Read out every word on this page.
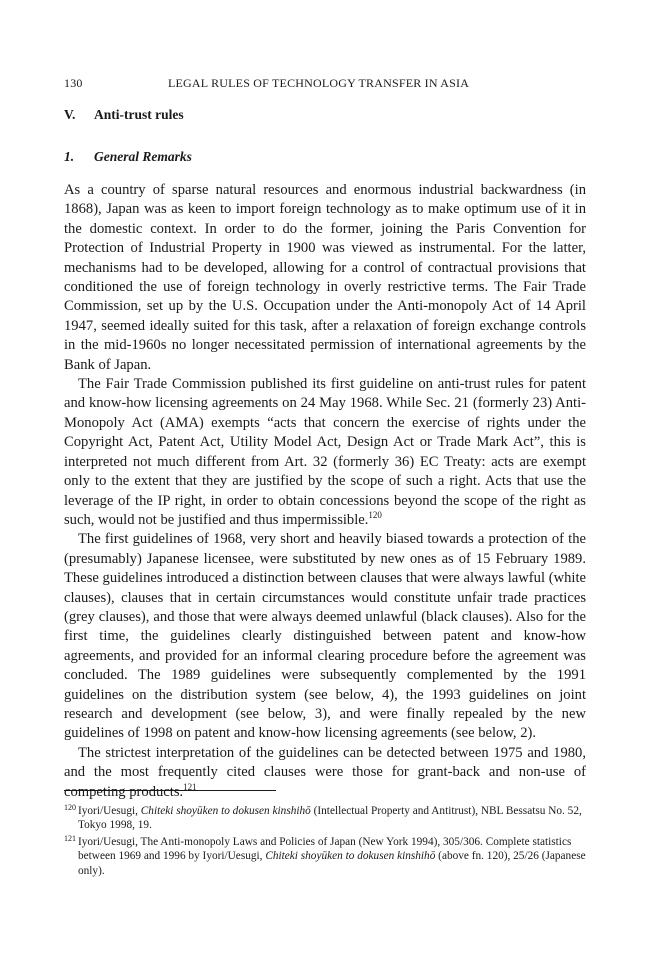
130	LEGAL RULES OF TECHNOLOGY TRANSFER IN ASIA
V. Anti-trust rules
1. General Remarks

As a country of sparse natural resources and enormous industrial backwardness (in 1868), Japan was as keen to import foreign technology as to make optimum use of it in the domestic context. In order to do the former, joining the Paris Convention for Protection of Industrial Property in 1900 was viewed as instrumental. For the latter, mechanisms had to be developed, allowing for a control of contractual provisions that conditioned the use of foreign technology in overly restrictive terms. The Fair Trade Commission, set up by the U.S. Occupation under the Anti-monopoly Act of 14 April 1947, seemed ideally suited for this task, after a relaxation of foreign exchange controls in the mid-1960s no longer necessitated permission of international agreements by the Bank of Japan.

The Fair Trade Commission published its first guideline on anti-trust rules for patent and know-how licensing agreements on 24 May 1968. While Sec. 21 (formerly 23) Anti-Monopoly Act (AMA) exempts “acts that concern the exercise of rights under the Copyright Act, Patent Act, Utility Model Act, Design Act or Trade Mark Act”, this is interpreted not much different from Art. 32 (formerly 36) EC Treaty: acts are exempt only to the extent that they are justified by the scope of such a right. Acts that use the leverage of the IP right, in order to obtain concessions beyond the scope of the right as such, would not be justified and thus impermissible.$^{120}$

The first guidelines of 1968, very short and heavily biased towards a protection of the (presumably) Japanese licensee, were substituted by new ones as of 15 February 1989. These guidelines introduced a distinction between clauses that were always lawful (white clauses), clauses that in certain circumstances would constitute unfair trade practices (grey clauses), and those that were always deemed unlawful (black clauses). Also for the first time, the guidelines clearly distinguished between patent and know-how agreements, and provided for an informal clearing procedure before the agreement was concluded. The 1989 guidelines were subsequently complemented by the 1991 guidelines on the distribution system (see below, 4), the 1993 guidelines on joint research and development (see below, 3), and were finally repealed by the new guidelines of 1998 on patent and know-how licensing agreements (see below, 2).

The strictest interpretation of the guidelines can be detected between 1975 and 1980, and the most frequently cited clauses were those for grant-back and non-use of competing products.$^{121}$

120 Iyori/Uesugi, Chiteki shoyūken to dokusen kinshihō (Intellectual Property and Antitrust), NBL Bessatsu No. 52, Tokyo 1998, 19.
121 Iyori/Uesugi, The Anti-monopoly Laws and Policies of Japan (New York 1994), 305/306. Complete statistics between 1969 and 1996 by Iyori/Uesugi, Chiteki shoyūken to dokusen kinshihō (above fn. 120), 25/26 (Japanese only).
